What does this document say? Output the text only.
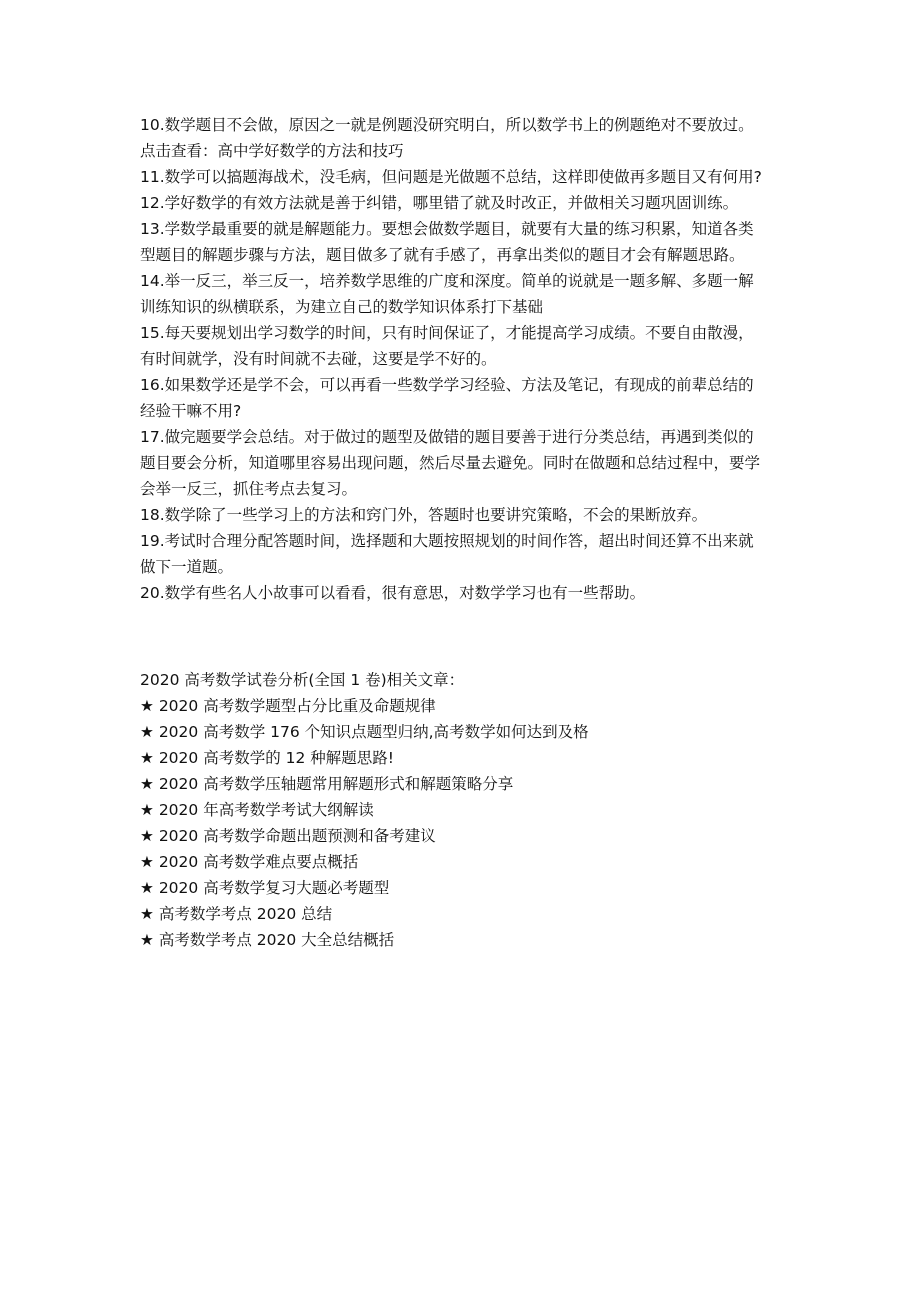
10.数学题目不会做，原因之一就是例题没研究明白，所以数学书上的例题绝对不要放过。
点击查看：高中学好数学的方法和技巧
11.数学可以搞题海战术，没毛病，但问题是光做题不总结，这样即使做再多题目又有何用?
12.学好数学的有效方法就是善于纠错，哪里错了就及时改正，并做相关习题巩固训练。
13.学数学最重要的就是解题能力。要想会做数学题目，就要有大量的练习积累，知道各类
型题目的解题步骤与方法，题目做多了就有手感了，再拿出类似的题目才会有解题思路。
14.举一反三，举三反一，培养数学思维的广度和深度。简单的说就是一题多解、多题一解
训练知识的纵横联系，为建立自己的数学知识体系打下基础
15.每天要规划出学习数学的时间，只有时间保证了，才能提高学习成绩。不要自由散漫，
有时间就学，没有时间就不去碰，这要是学不好的。
16.如果数学还是学不会，可以再看一些数学学习经验、方法及笔记，有现成的前辈总结的
经验干嘛不用?
17.做完题要学会总结。对于做过的题型及做错的题目要善于进行分类总结，再遇到类似的
题目要会分析，知道哪里容易出现问题，然后尽量去避免。同时在做题和总结过程中，要学
会举一反三，抓住考点去复习。
18.数学除了一些学习上的方法和窍门外，答题时也要讲究策略，不会的果断放弃。
19.考试时合理分配答题时间，选择题和大题按照规划的时间作答，超出时间还算不出来就
做下一道题。
20.数学有些名人小故事可以看看，很有意思，对数学学习也有一些帮助。
2020 高考数学试卷分析(全国 1 卷)相关文章：
★ 2020 高考数学题型占分比重及命题规律
★ 2020 高考数学 176 个知识点题型归纳,高考数学如何达到及格
★ 2020 高考数学的 12 种解题思路!
★ 2020 高考数学压轴题常用解题形式和解题策略分享
★ 2020 年高考数学考试大纲解读
★ 2020 高考数学命题出题预测和备考建议
★ 2020 高考数学难点要点概括
★ 2020 高考数学复习大题必考题型
★ 高考数学考点 2020 总结
★ 高考数学考点 2020 大全总结概括
